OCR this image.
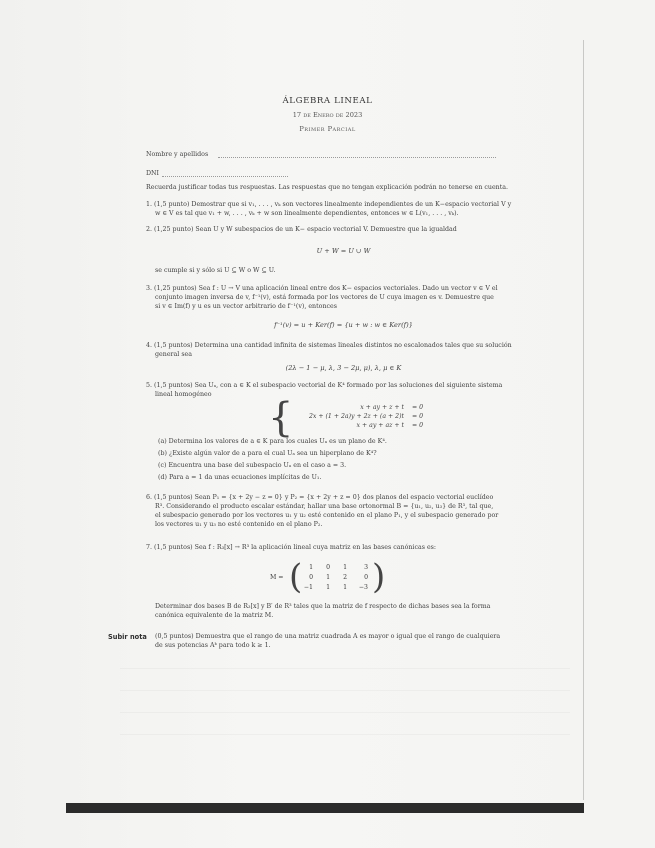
ÁLGEBRA LINEAL
17 de Enero de 2023
Primer Parcial
Nombre y apellidos
DNI
Recuerda justificar todas tus respuestas. Las respuestas que no tengan explicación podrán no tenerse en cuenta.
1. (1,5 punto) Demostrar que si v₁, . . . , vₖ son vectores linealmente independientes de un K−espacio vectorial V y
w ∈ V es tal que v₁ + w, . . . , vₖ + w son linealmente dependientes, entonces w ∈ L(v₁, . . . , vₖ).
2. (1,25 punto) Sean U y W subespacios de un K− espacio vectorial V. Demuestre que la igualdad
U + W = U ∪ W
se cumple si y sólo si U ⊆ W o W ⊆ U.
3. (1,25 puntos) Sea f : U → V una aplicación lineal entre dos K− espacios vectoriales. Dado un vector v ∈ V el
conjunto imagen inversa de v, f⁻¹(v), está formada por los vectores de U cuya imagen es v. Demuestre que
si v ∈ Im(f) y u es un vector arbitrario de f⁻¹(v), entonces
f⁻¹(v) = u + Ker(f) = {u + w : w ∈ Ker(f)}
4. (1,5 puntos) Determina una cantidad infinita de sistemas lineales distintos no escalonados tales que su solución
general sea
(2λ − 1 − μ, λ, 3 − 2μ, μ), λ, μ ∈ K
5. (1,5 puntos) Sea Uₐ, con a ∈ K el subespacio vectorial de K⁴ formado por las soluciones del siguiente sistema
lineal homogéneo
{	x + ay + z + t = 0
2x + (1 + 2a)y + 2z + (a + 2)t = 0
x + ay + az + t = 0
(a) Determina los valores de a ∈ K para los cuales Uₐ es un plano de K⁴.
(b) ¿Existe algún valor de a para el cual Uₐ sea un hiperplano de K⁴?
(c) Encuentra una base del subespacio Uₐ en el caso a = 3.
(d) Para a = 1 da unas ecuaciones implícitas de U₁.
6. (1,5 puntos) Sean P₁ = {x + 2y − z = 0} y P₂ = {x + 2y + z = 0} dos planos del espacio vectorial euclídeo
R³. Considerando el producto escalar estándar, hallar una base ortonormal B = {u₁, u₂, u₃} de R³, tal que,
el subespacio generado por los vectores u₁ y u₂ esté contenido en el plano P₁, y el subespacio generado por
los vectores u₁ y u₃ no esté contenido en el plano P₂.
7. (1,5 puntos) Sea f : R₃[x] → R³ la aplicación lineal cuya matriz en las bases canónicas es:
M = ( )
1	0	1	3
0	1	2	0
−1	1	1	−3
Determinar dos bases B de R₃[x] y B′ de R³ tales que la matriz de f respecto de dichas bases sea la forma
canónica equivalente de la matriz M.
Subir nota (0,5 puntos) Demuestra que el rango de una matriz cuadrada A es mayor o igual que el rango de cualquiera
de sus potencias Aᵏ para todo k ≥ 1.
